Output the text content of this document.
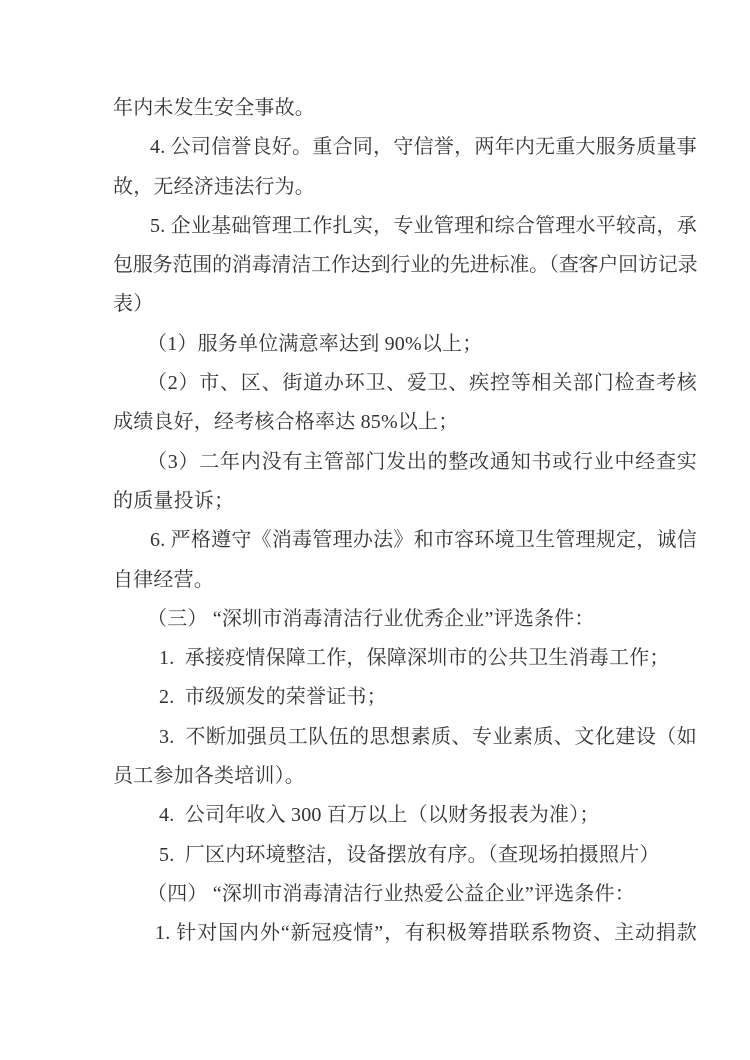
年内未发生安全事故。
4. 公司信誉良好。重合同，守信誉，两年内无重大服务质量事
故，无经济违法行为。
5. 企业基础管理工作扎实，专业管理和综合管理水平较高，承
包服务范围的消毒清洁工作达到行业的先进标准。（查客户回访记录
表）
（1）服务单位满意率达到 90%以上；
（2）市、区、街道办环卫、爱卫、疾控等相关部门检查考核
成绩良好，经考核合格率达 85%以上；
（3）二年内没有主管部门发出的整改通知书或行业中经查实
的质量投诉；
6. 严格遵守《消毒管理办法》和市容环境卫生管理规定，诚信
自律经营。
（三） “深圳市消毒清洁行业优秀企业”评选条件：
1.  承接疫情保障工作，保障深圳市的公共卫生消毒工作；
2.  市级颁发的荣誉证书；
3.  不断加强员工队伍的思想素质、专业素质、文化建设（如
员工参加各类培训）。
4.  公司年收入 300 百万以上（以财务报表为准）；
5.  厂区内环境整洁，设备摆放有序。（查现场拍摄照片）
（四） “深圳市消毒清洁行业热爱公益企业”评选条件：
1. 针对国内外“新冠疫情”，有积极筹措联系物资、主动捐款
